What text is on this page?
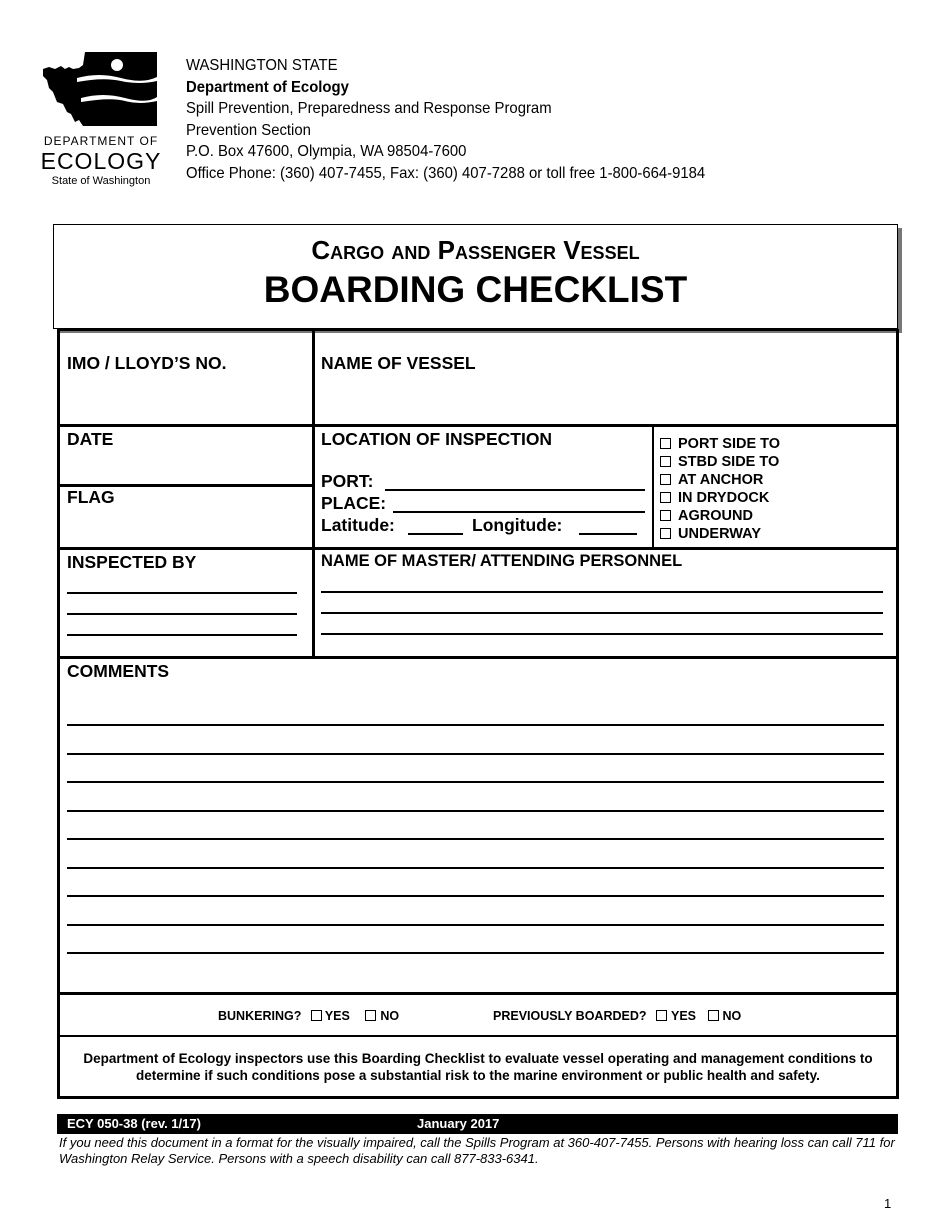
DEPARTMENT OF
ECOLOGY
State of Washington
WASHINGTON STATE
Department of Ecology
Spill Prevention, Preparedness and Response Program
Prevention Section
P.O. Box 47600, Olympia, WA 98504-7600
Office Phone: (360) 407-7455, Fax: (360) 407-7288 or toll free 1-800-664-9184
Cargo and Passenger Vessel
BOARDING CHECKLIST
IMO / LLOYD’S NO.	NAME OF VESSEL
DATE
FLAG
LOCATION OF INSPECTION
PORT:
PLACE:
Latitude:	Longitude:
PORT SIDE TO
STBD SIDE TO
AT ANCHOR
IN DRYDOCK
AGROUND
UNDERWAY
INSPECTED BY	NAME OF MASTER/ ATTENDING PERSONNEL
COMMENTS
BUNKERING? YES NO	PREVIOUSLY BOARDED? YES NO
Department of Ecology inspectors use this Boarding Checklist to evaluate vessel operating and management conditions to determine if such conditions pose a substantial risk to the marine environment or public health and safety.
ECY 050-38 (rev. 1/17)	January 2017
If you need this document in a format for the visually impaired, call the Spills Program at 360-407-7455. Persons with hearing loss can call 711 for Washington Relay Service. Persons with a speech disability can call 877-833-6341.
1
